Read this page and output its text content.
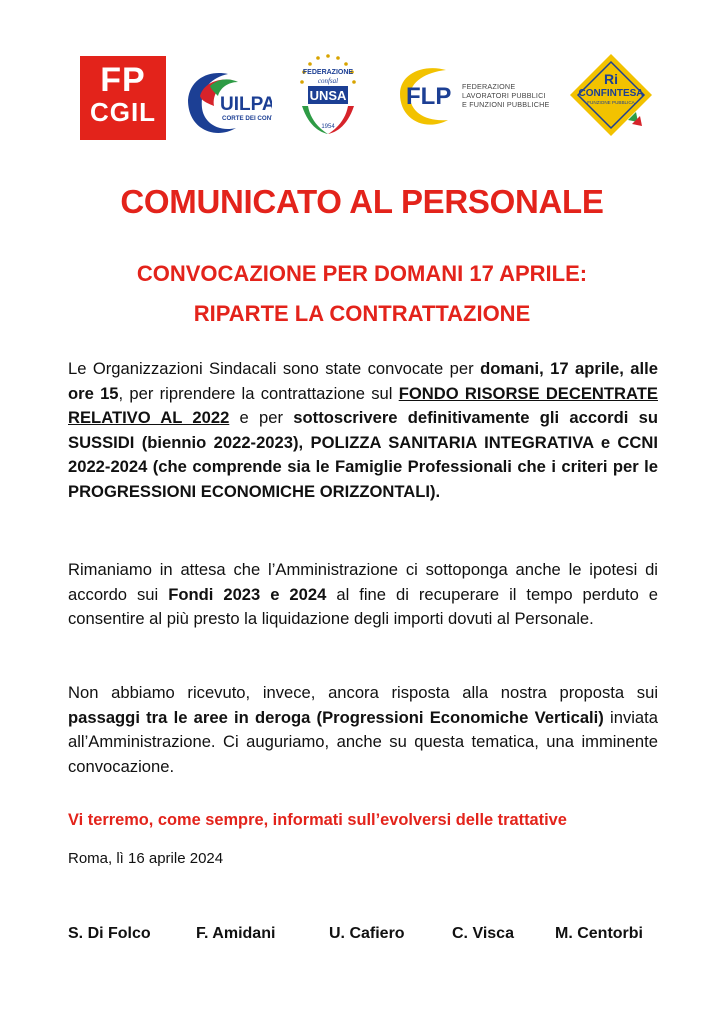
FP
CGIL	UILPA
CORTE DEI CONTI
FEDERAZIONE
confsal
UNSA
1954
FLP FEDERAZIONE
LAVORATORI PUBBLICI
E FUNZIONI PUBBLICHE
Ri
CONFINTESA
FUNZIONE PUBBLICA
COMUNICATO AL PERSONALE
CONVOCAZIONE PER DOMANI 17 APRILE:
RIPARTE LA CONTRATTAZIONE

Le Organizzazioni Sindacali sono state convocate per domani, 17 aprile, alle ore 15, per riprendere la contrattazione sul FONDO RISORSE DECENTRATE RELATIVO AL 2022 e per sottoscrivere definitivamente gli accordi su SUSSIDI (biennio 2022-2023), POLIZZA SANITARIA INTEGRATIVA e CCNI 2022-2024 (che comprende sia le Famiglie Professionali che i criteri per le PROGRESSIONI ECONOMICHE ORIZZONTALI).

Rimaniamo in attesa che l’Amministrazione ci sottoponga anche le ipotesi di accordo sui Fondi 2023 e 2024 al fine di recuperare il tempo perduto e consentire al più presto la liquidazione degli importi dovuti al Personale.

Non abbiamo ricevuto, invece, ancora risposta alla nostra proposta sui passaggi tra le aree in deroga (Progressioni Economiche Verticali) inviata all’Amministrazione. Ci auguriamo, anche su questa tematica, una imminente convocazione.

Vi terremo, come sempre, informati sull’evolversi delle trattative

Roma, lì 16 aprile 2024

S. Di Folco	F. Amidani	U. Cafiero	C. Visca	M. Centorbi
